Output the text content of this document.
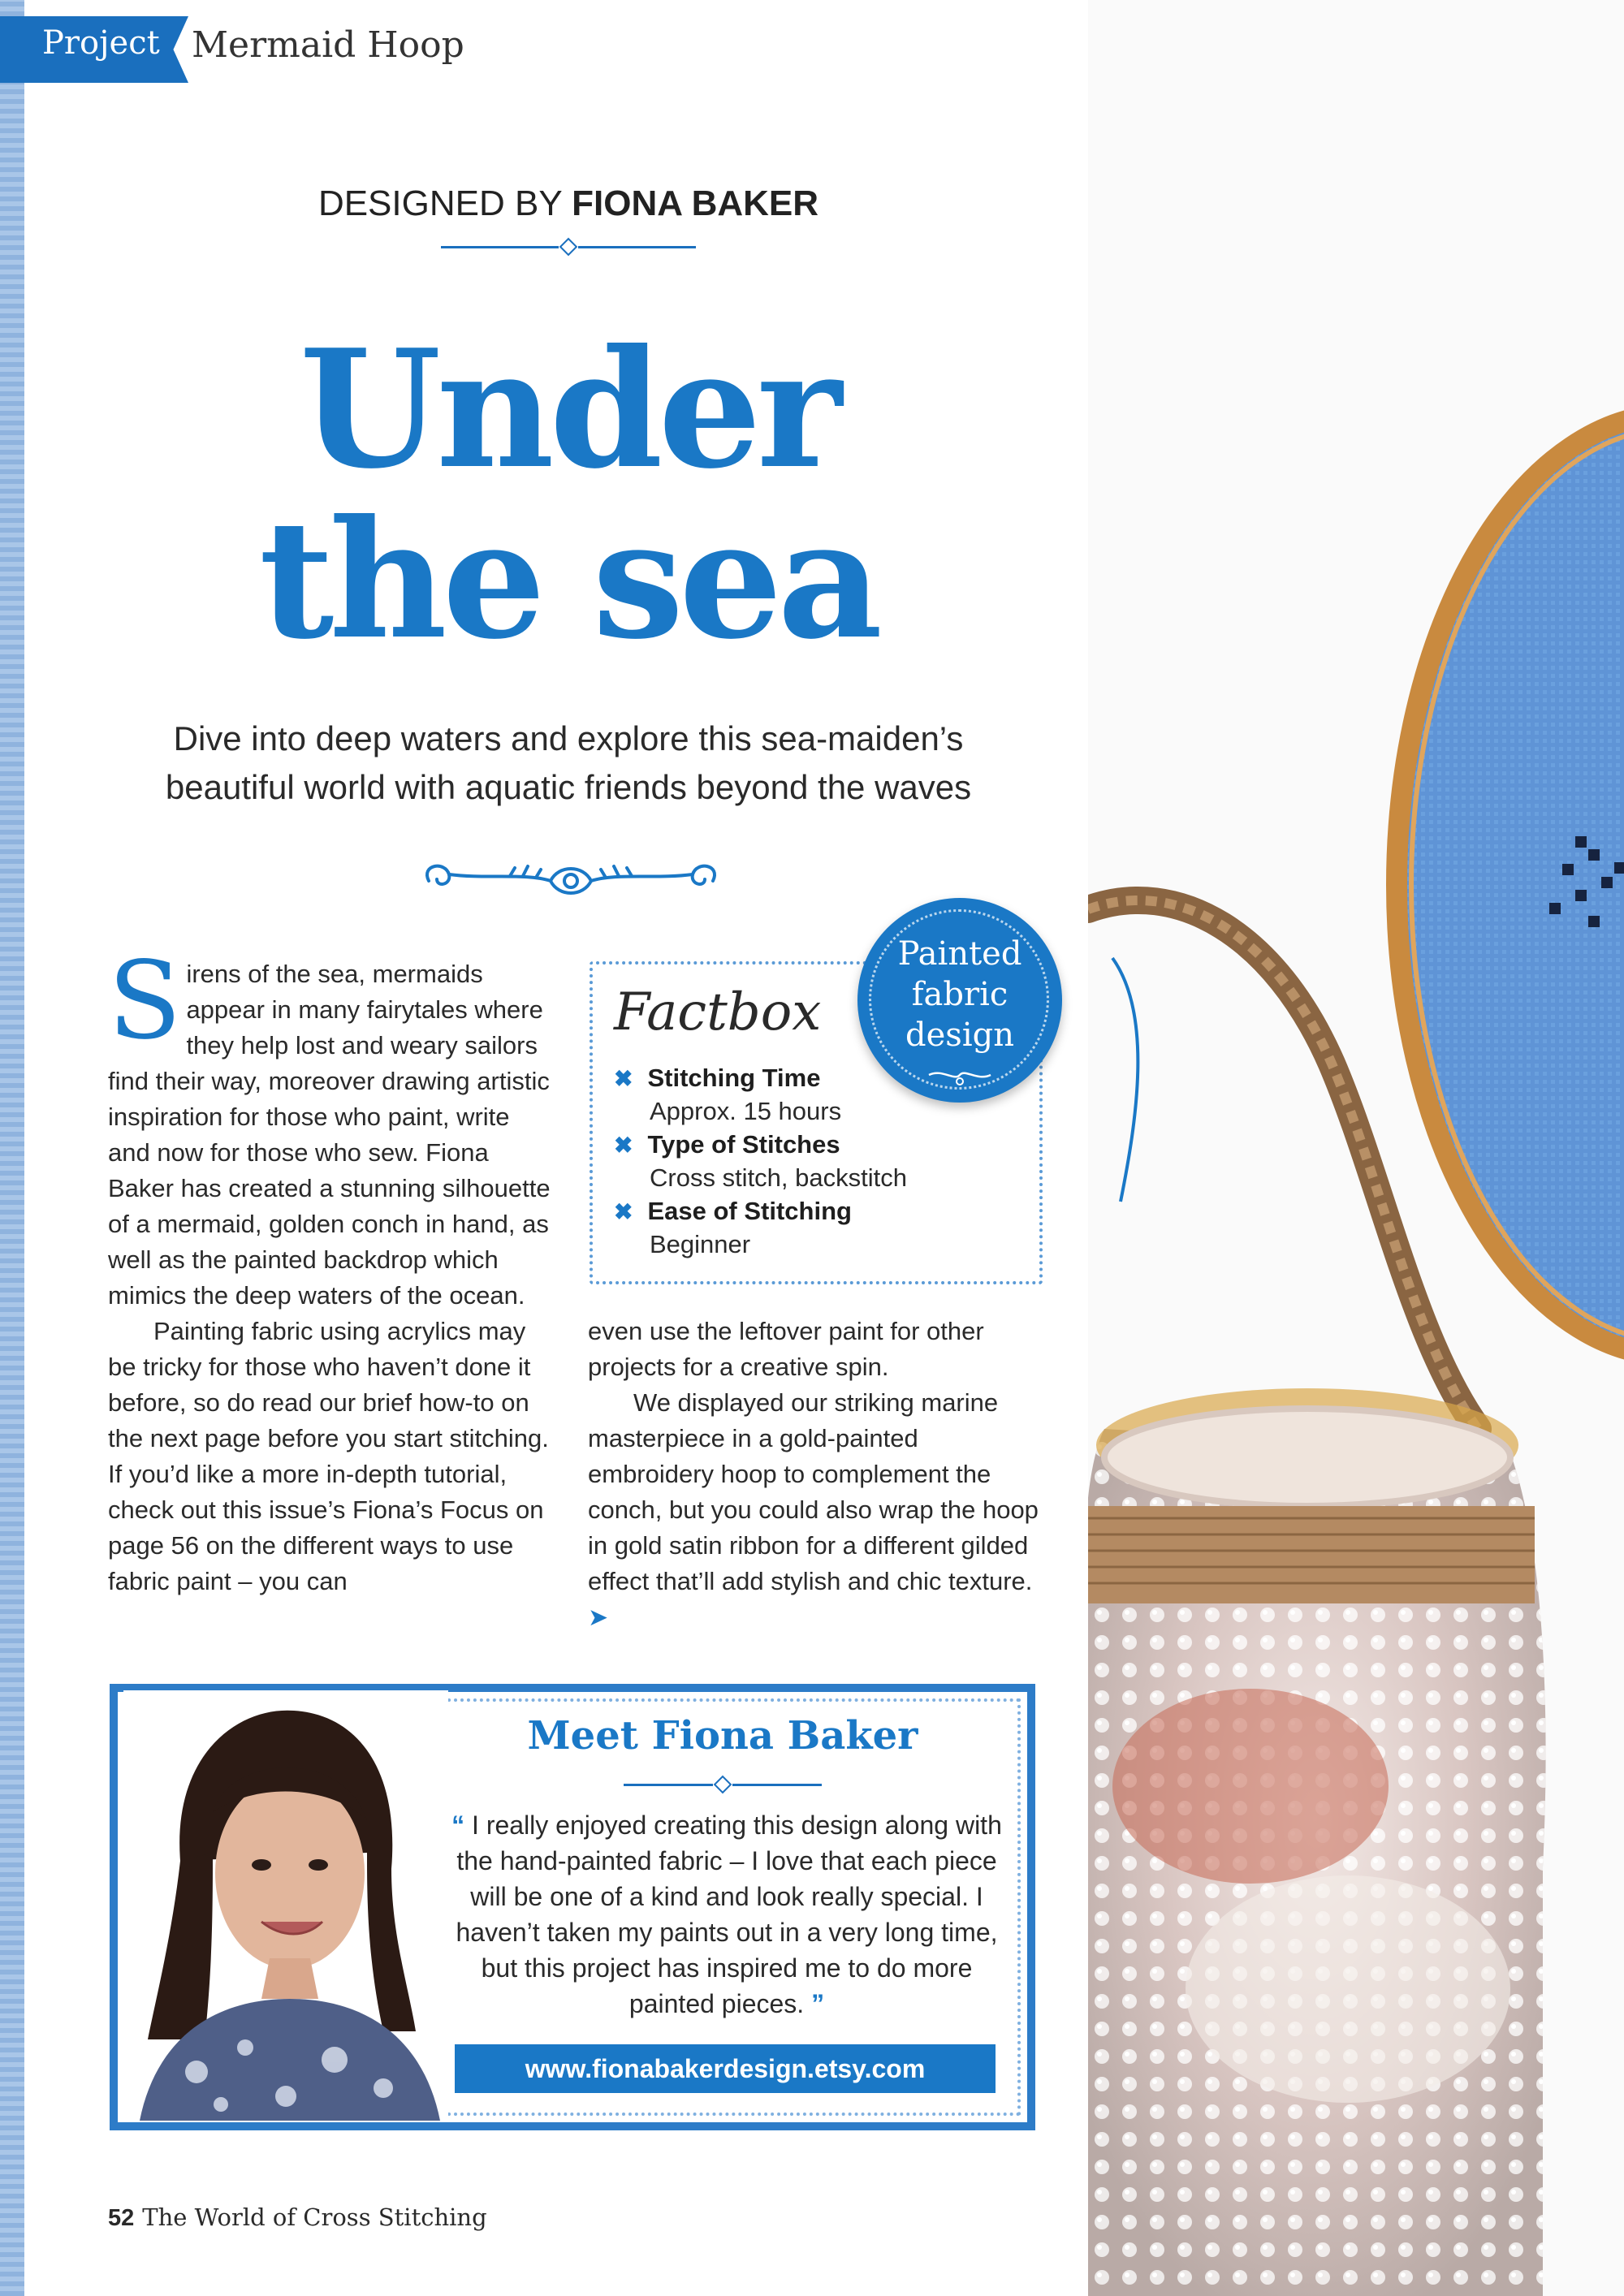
Project Mermaid Hoop
DESIGNED BY FIONA BAKER
Under
the sea
Dive into deep waters and explore this sea-maiden’s
beautiful world with aquatic friends beyond the waves

Sirens of the sea, mermaids appear in many fairytales where they help lost and weary sailors find their way, moreover drawing artistic inspiration for those who paint, write and now for those who sew. Fiona Baker has created a stunning silhouette of a mermaid, golden conch in hand, as well as the painted backdrop which mimics the deep waters of the ocean.

Painting fabric using acrylics may be tricky for those who haven’t done it before, so do read our brief how-to on the next page before you start stitching. If you’d like a more in-depth tutorial, check out this issue’s Fiona’s Focus on page 56 on the different ways to use fabric paint – you can

Factbox
✖ Stitching Time
Approx. 15 hours
✖ Type of Stitches
Cross stitch, backstitch
✖ Ease of Stitching
Beginner

even use the leftover paint for other projects for a creative spin.

We displayed our striking marine masterpiece in a gold-painted embroidery hoop to complement the conch, but you could also wrap the hoop in gold satin ribbon for a different gilded effect that’ll add stylish and chic texture. ➤

Painted
fabric
design
Meet Fiona Baker
“ I really enjoyed creating this design along with the hand-painted fabric – I love that each piece will be one of a kind and look really special. I haven’t taken my paints out in a very long time, but this project has inspired me to do more painted pieces. ”
www.fionabakerdesign.etsy.com
52 The World of Cross Stitching
